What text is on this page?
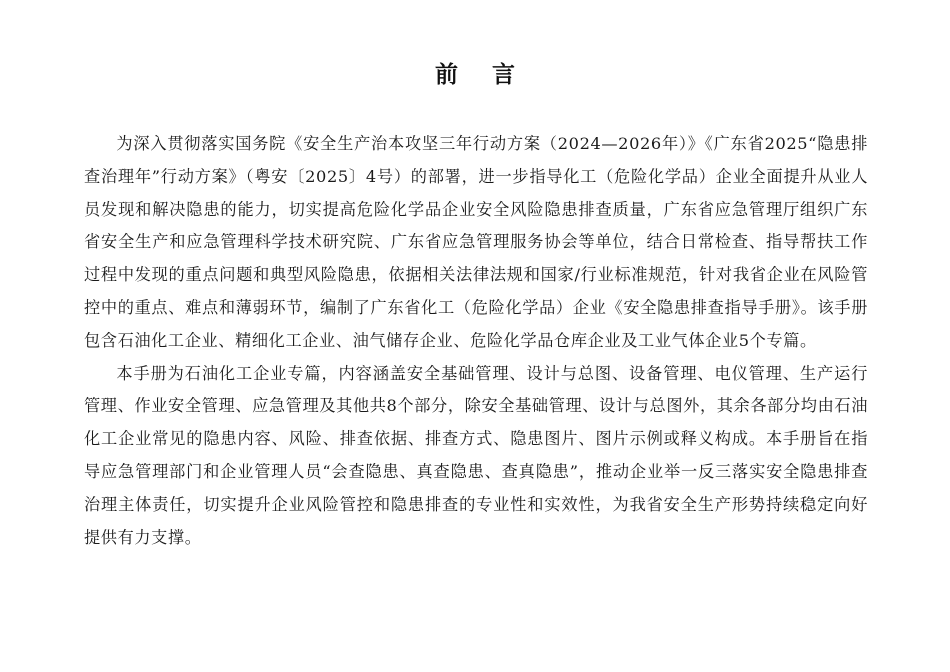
前言

为深入贯彻落实国务院《安全生产治本攻坚三年行动方案（2024—2026年）》《广东省2025“隐患排查治理年”行动方案》（粤安〔2025〕4号）的部署，进一步指导化工（危险化学品）企业全面提升从业人员发现和解决隐患的能力，切实提高危险化学品企业安全风险隐患排查质量，广东省应急管理厅组织广东省安全生产和应急管理科学技术研究院、广东省应急管理服务协会等单位，结合日常检查、指导帮扶工作过程中发现的重点问题和典型风险隐患，依据相关法律法规和国家/行业标准规范，针对我省企业在风险管控中的重点、难点和薄弱环节，编制了广东省化工（危险化学品）企业《安全隐患排查指导手册》。该手册包含石油化工企业、精细化工企业、油气储存企业、危险化学品仓库企业及工业气体企业5个专篇。

本手册为石油化工企业专篇，内容涵盖安全基础管理、设计与总图、设备管理、电仪管理、生产运行管理、作业安全管理、应急管理及其他共8个部分，除安全基础管理、设计与总图外，其余各部分均由石油化工企业常见的隐患内容、风险、排查依据、排查方式、隐患图片、图片示例或释义构成。本手册旨在指导应急管理部门和企业管理人员“会查隐患、真查隐患、查真隐患”，推动企业举一反三落实安全隐患排查治理主体责任，切实提升企业风险管控和隐患排查的专业性和实效性，为我省安全生产形势持续稳定向好提供有力支撑。
